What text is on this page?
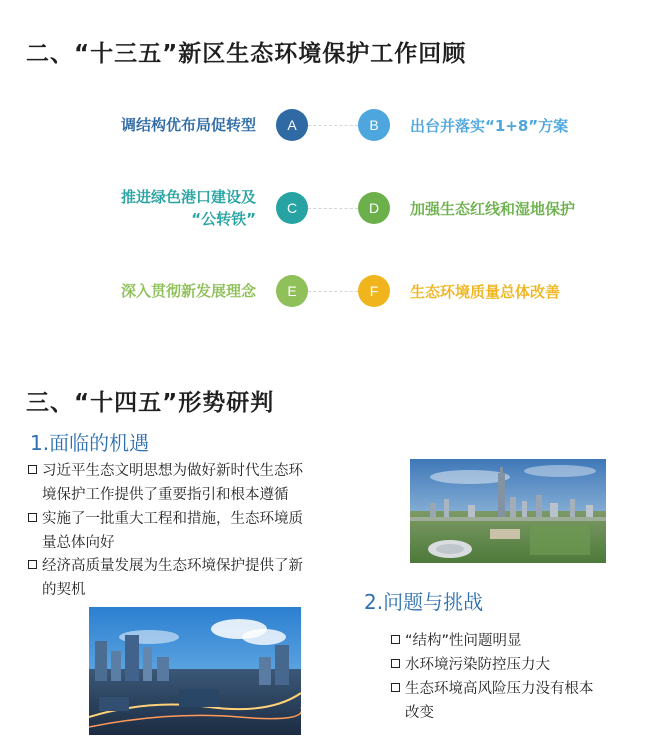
二、“十三五”新区生态环境保护工作回顾
调结构优布局促转型	A	B	出台并落实“1+8”方案
推进绿色港口建设及
“公转铁”
C	D	加强生态红线和湿地保护
深入贯彻新发展理念	E	F	生态环境质量总体改善
三、“十四五”形势研判
1.面临的机遇
习近平生态文明思想为做好新时代生态环
境保护工作提供了重要指引和根本遵循
实施了一批重大工程和措施，生态环境质
量总体向好
经济高质量发展为生态环境保护提供了新
的契机	2.问题与挑战
“结构”性问题明显
水环境污染防控压力大
生态环境高风险压力没有根本
改变
